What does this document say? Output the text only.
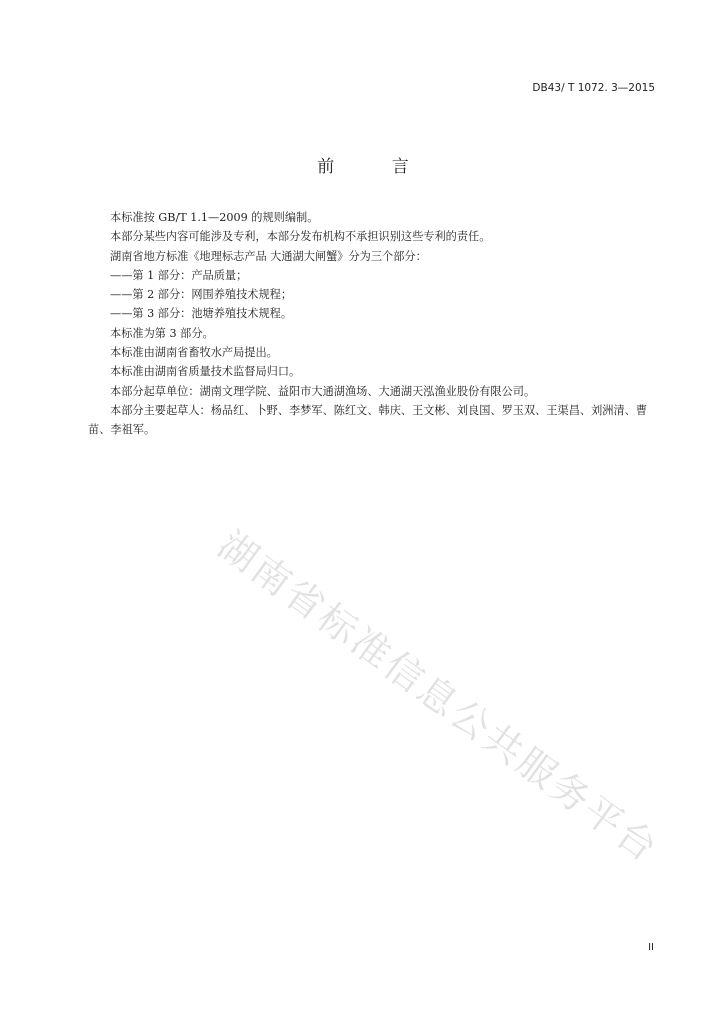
DB43/ T 1072. 3—2015
前 言

本标准按 GB/T 1.1—2009 的规则编制。

本部分某些内容可能涉及专利，本部分发布机构不承担识别这些专利的责任。

湖南省地方标准《地理标志产品 大通湖大闸蟹》分为三个部分：

——第 1 部分：产品质量；

——第 2 部分：网围养殖技术规程；

——第 3 部分：池塘养殖技术规程。

本标准为第 3 部分。

本标准由湖南省畜牧水产局提出。

本标准由湖南省质量技术监督局归口。

本部分起草单位：湖南文理学院、益阳市大通湖渔场、大通湖天泓渔业股份有限公司。

本部分主要起草人：杨品红、卜野、李梦军、陈红文、韩庆、王文彬、刘良国、罗玉双、王渠昌、刘洲清、曹苗、李祖军。

湖南省标准信息公共服务平台
II
